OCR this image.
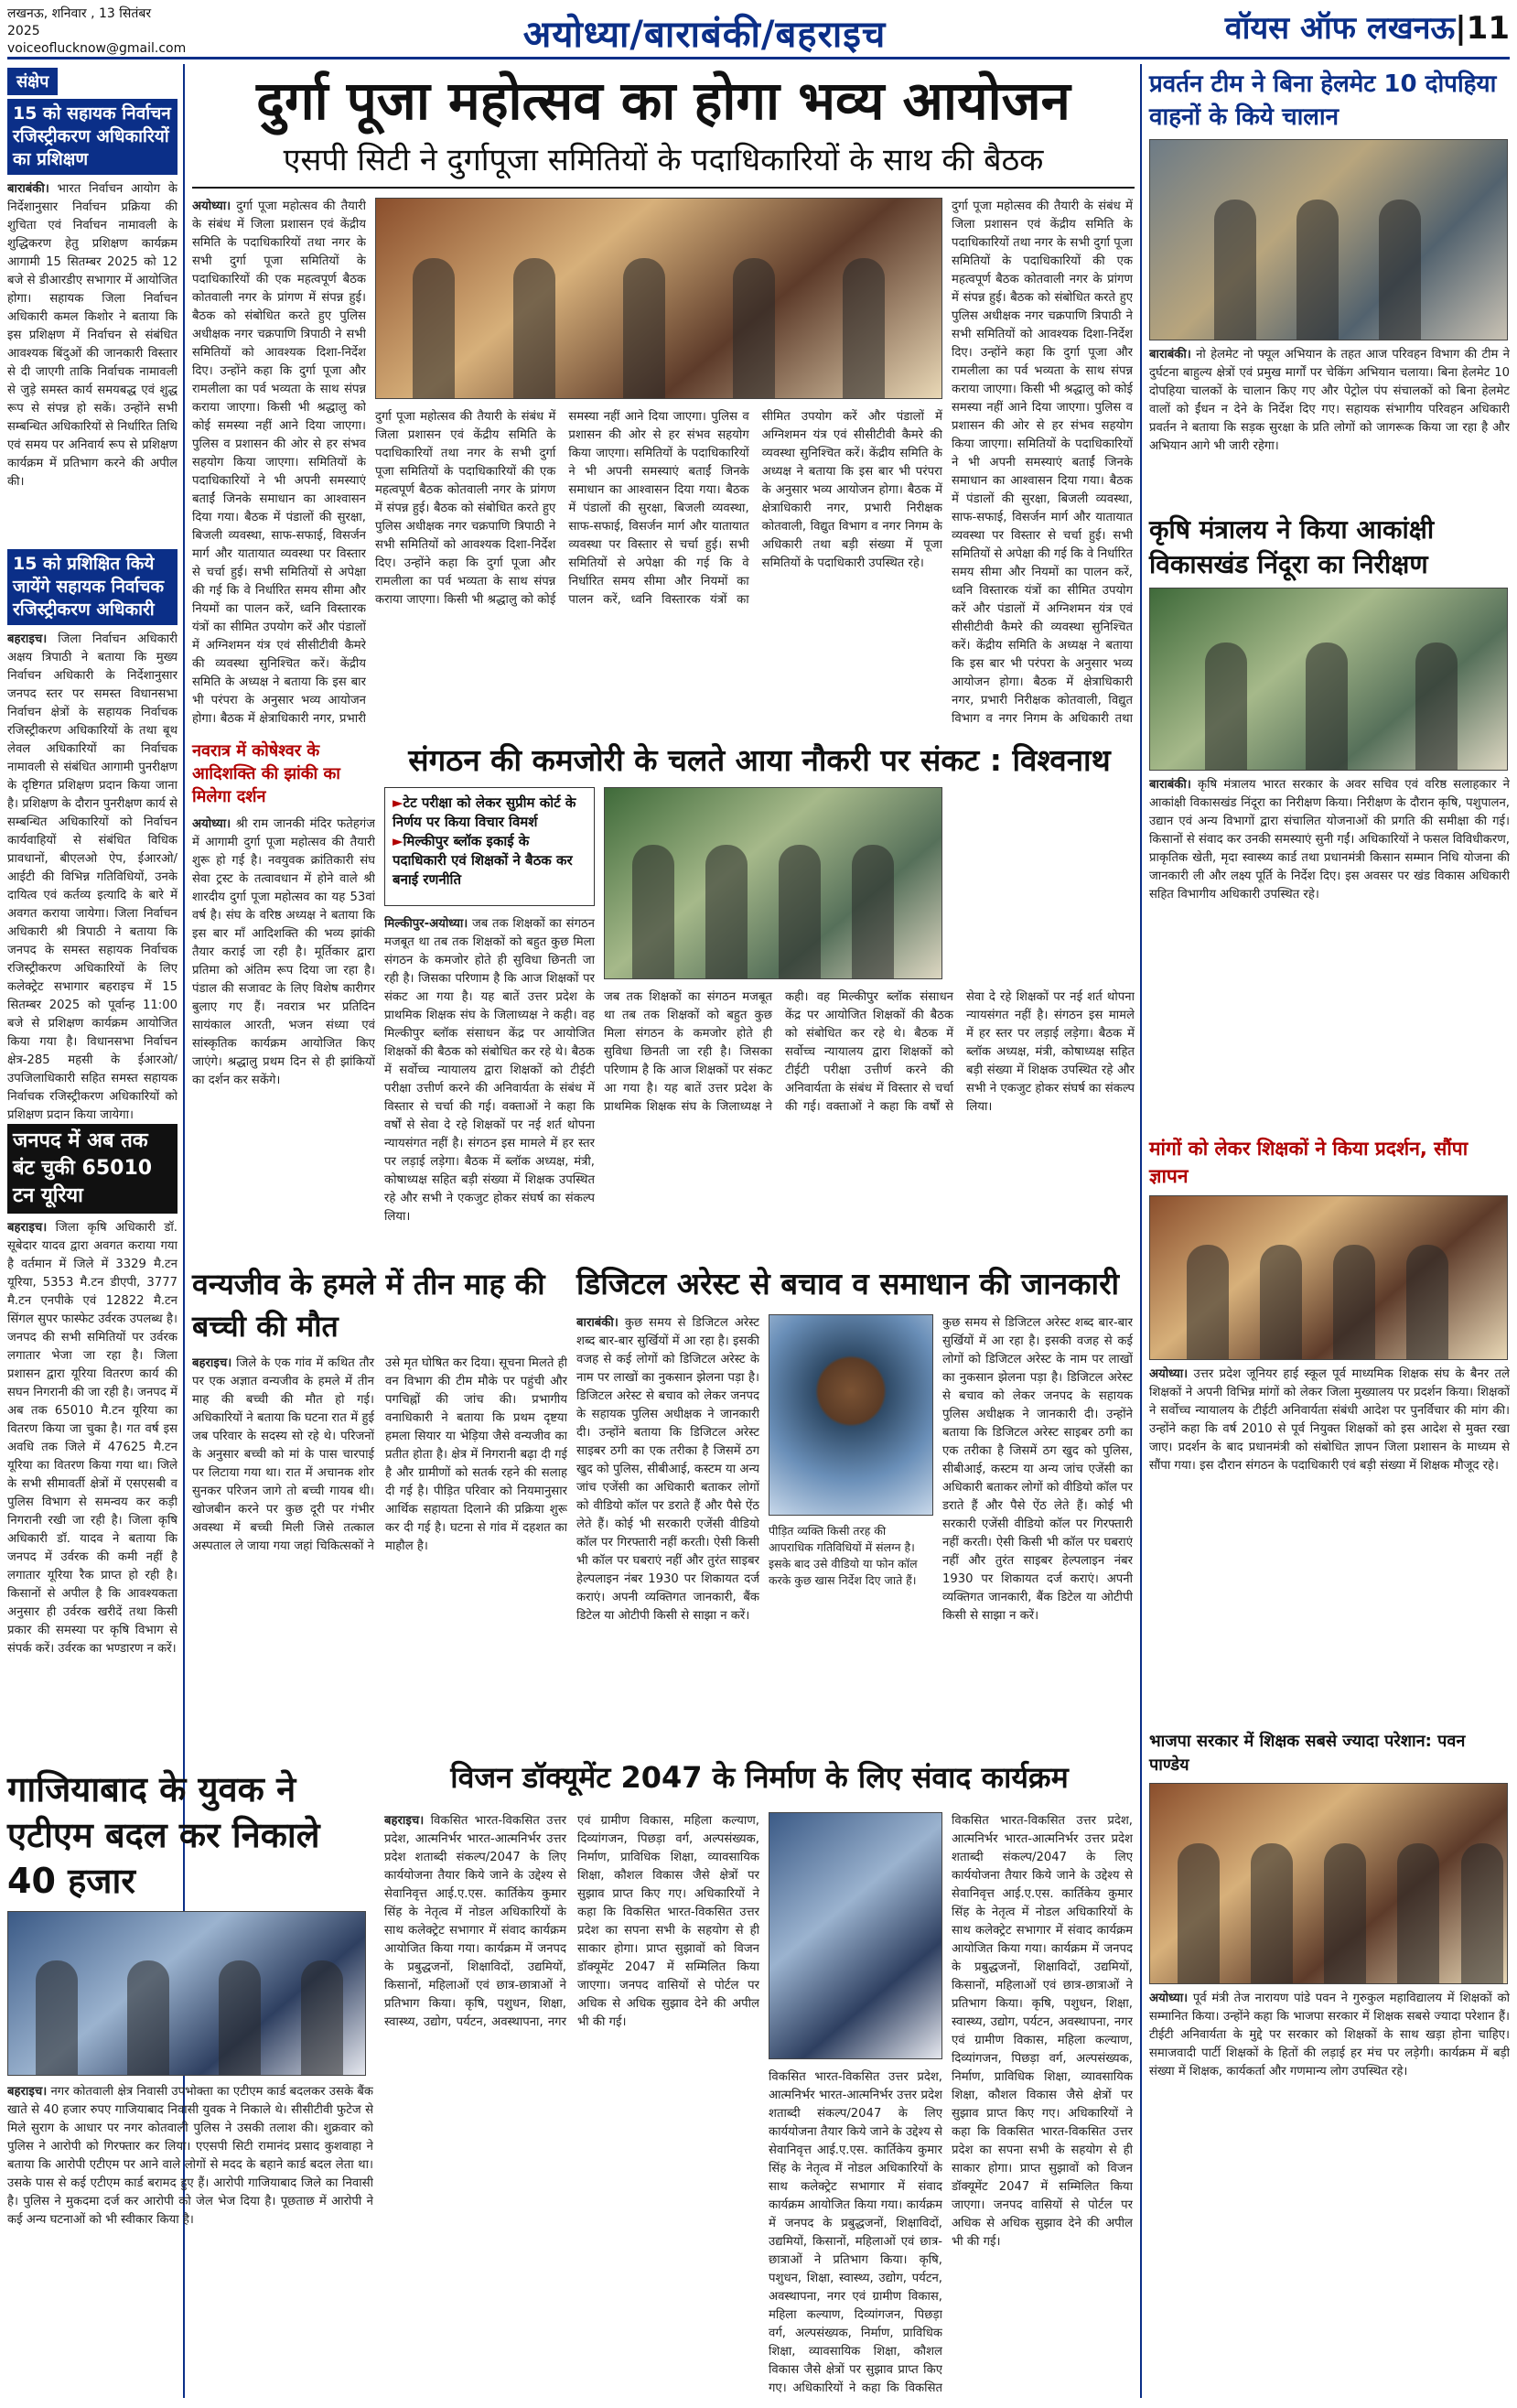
लखनऊ, शनिवार , 13 सितंबर 2025
voiceoflucknow@gmail.com	अयोध्या/बाराबंकी/बहराइच	वॉयस ऑफ लखनऊ|11
संक्षेप
15 को सहायक निर्वाचन रजिस्ट्रीकरण अधिकारियों का प्रशिक्षण
बाराबंकी। भारत निर्वाचन आयोग के निर्देशानुसार निर्वाचन प्रक्रिया की शुचिता एवं निर्वाचन नामावली के शुद्धिकरण हेतु प्रशिक्षण कार्यक्रम आगामी 15 सितम्बर 2025 को 12 बजे से डीआरडीए सभागार में आयोजित होगा। सहायक जिला निर्वाचन अधिकारी कमल किशोर ने बताया कि इस प्रशिक्षण में निर्वाचन से संबंधित आवश्यक बिंदुओं की जानकारी विस्तार से दी जाएगी ताकि निर्वाचक नामावली से जुड़े समस्त कार्य समयबद्ध एवं शुद्ध रूप से संपन्न हो सकें। उन्होंने सभी सम्बन्धित अधिकारियों से निर्धारित तिथि एवं समय पर अनिवार्य रूप से प्रशिक्षण कार्यक्रम में प्रतिभाग करने की अपील की।
15 को प्रशिक्षित किये जायेंगे सहायक निर्वाचक रजिस्ट्रीकरण अधिकारी
बहराइच। जिला निर्वाचन अधिकारी अक्षय त्रिपाठी ने बताया कि मुख्य निर्वाचन अधिकारी के निर्देशानुसार जनपद स्तर पर समस्त विधानसभा निर्वाचन क्षेत्रों के सहायक निर्वाचक रजिस्ट्रीकरण अधिकारियों के तथा बूथ लेवल अधिकारियों का निर्वाचक नामावली से संबंधित आगामी पुनरीक्षण के दृष्टिगत प्रशिक्षण प्रदान किया जाना है। प्रशिक्षण के दौरान पुनरीक्षण कार्य से सम्बन्धित अधिकारियों को निर्वाचन कार्यवाहियों से संबंधित विधिक प्रावधानों, बीएलओ ऐप, ईआरओ/आईटी की विभिन्न गतिविधियों, उनके दायित्व एवं कर्तव्य इत्यादि के बारे में अवगत कराया जायेगा। जिला निर्वाचन अधिकारी श्री त्रिपाठी ने बताया कि जनपद के समस्त सहायक निर्वाचक रजिस्ट्रीकरण अधिकारियों के लिए कलेक्ट्रेट सभागार बहराइच में 15 सितम्बर 2025 को पूर्वान्ह 11:00 बजे से प्रशिक्षण कार्यक्रम आयोजित किया गया है। विधानसभा निर्वाचन क्षेत्र-285 महसी के ईआरओ/उपजिलाधिकारी सहित समस्त सहायक निर्वाचक रजिस्ट्रीकरण अधिकारियों को प्रशिक्षण प्रदान किया जायेगा।
जनपद में अब तक बंट चुकी 65010 टन यूरिया
बहराइच। जिला कृषि अधिकारी डॉ. सूबेदार यादव द्वारा अवगत कराया गया है वर्तमान में जिले में 3329 मै.टन यूरिया, 5353 मै.टन डीएपी, 3777 मै.टन एनपीके एवं 12822 मै.टन सिंगल सुपर फास्फेट उर्वरक उपलब्ध है। जनपद की सभी समितियों पर उर्वरक लगातार भेजा जा रहा है। जिला प्रशासन द्वारा यूरिया वितरण कार्य की सघन निगरानी की जा रही है। जनपद में अब तक 65010 मै.टन यूरिया का वितरण किया जा चुका है। गत वर्ष इस अवधि तक जिले में 47625 मै.टन यूरिया का वितरण किया गया था। जिले के सभी सीमावर्ती क्षेत्रों में एसएसबी व पुलिस विभाग से समन्वय कर कड़ी निगरानी रखी जा रही है। जिला कृषि अधिकारी डॉ. यादव ने बताया कि जनपद में उर्वरक की कमी नहीं है लगातार यूरिया रैक प्राप्त हो रही है। किसानों से अपील है कि आवश्यकता अनुसार ही उर्वरक खरीदें तथा किसी प्रकार की समस्या पर कृषि विभाग से संपर्क करें। उर्वरक का भण्डारण न करें।
गाजियाबाद के युवक ने एटीएम बदल कर निकाले 40 हजार
बहराइच। नगर कोतवाली क्षेत्र निवासी उपभोक्ता का एटीएम कार्ड बदलकर उसके बैंक खाते से 40 हजार रुपए गाजियाबाद निवासी युवक ने निकाले थे। सीसीटीवी फुटेज से मिले सुराग के आधार पर नगर कोतवाली पुलिस ने उसकी तलाश की। शुक्रवार को पुलिस ने आरोपी को गिरफ्तार कर लिया। एएसपी सिटी रामानंद प्रसाद कुशवाहा ने बताया कि आरोपी एटीएम पर आने वाले लोगों से मदद के बहाने कार्ड बदल लेता था। उसके पास से कई एटीएम कार्ड बरामद हुए हैं। आरोपी गाजियाबाद जिले का निवासी है। पुलिस ने मुकदमा दर्ज कर आरोपी को जेल भेज दिया है। पूछताछ में आरोपी ने कई अन्य घटनाओं को भी स्वीकार किया है।
दुर्गा पूजा महोत्सव का होगा भव्य आयोजन
एसपी सिटी ने दुर्गापूजा समितियों के पदाधिकारियों के साथ की बैठक
अयोध्या। दुर्गा पूजा महोत्सव की तैयारी के संबंध में जिला प्रशासन एवं केंद्रीय समिति के पदाधिकारियों तथा नगर के सभी दुर्गा पूजा समितियों के पदाधिकारियों की एक महत्वपूर्ण बैठक कोतवाली नगर के प्रांगण में संपन्न हुई। बैठक को संबोधित करते हुए पुलिस अधीक्षक नगर चक्रपाणि त्रिपाठी ने सभी समितियों को आवश्यक दिशा-निर्देश दिए। उन्होंने कहा कि दुर्गा पूजा और रामलीला का पर्व भव्यता के साथ संपन्न कराया जाएगा। किसी भी श्रद्धालु को कोई समस्या नहीं आने दिया जाएगा। पुलिस व प्रशासन की ओर से हर संभव सहयोग किया जाएगा। समितियों के पदाधिकारियों ने भी अपनी समस्याएं बताईं जिनके समाधान का आश्वासन दिया गया। बैठक में पंडालों की सुरक्षा, बिजली व्यवस्था, साफ-सफाई, विसर्जन मार्ग और यातायात व्यवस्था पर विस्तार से चर्चा हुई। सभी समितियों से अपेक्षा की गई कि वे निर्धारित समय सीमा और नियमों का पालन करें, ध्वनि विस्तारक यंत्रों का सीमित उपयोग करें और पंडालों में अग्निशमन यंत्र एवं सीसीटीवी कैमरे की व्यवस्था सुनिश्चित करें। केंद्रीय समिति के अध्यक्ष ने बताया कि इस बार भी परंपरा के अनुसार भव्य आयोजन होगा। बैठक में क्षेत्राधिकारी नगर, प्रभारी
दुर्गा पूजा महोत्सव की तैयारी के संबंध में जिला प्रशासन एवं केंद्रीय समिति के पदाधिकारियों तथा नगर के सभी दुर्गा पूजा समितियों के पदाधिकारियों की एक महत्वपूर्ण बैठक कोतवाली नगर के प्रांगण में संपन्न हुई। बैठक को संबोधित करते हुए पुलिस अधीक्षक नगर चक्रपाणि त्रिपाठी ने सभी समितियों को आवश्यक दिशा-निर्देश दिए। उन्होंने कहा कि दुर्गा पूजा और रामलीला का पर्व भव्यता के साथ संपन्न कराया जाएगा। किसी भी श्रद्धालु को कोई समस्या नहीं आने दिया जाएगा। पुलिस व प्रशासन की ओर से हर संभव सहयोग किया जाएगा। समितियों के पदाधिकारियों ने भी अपनी समस्याएं बताईं जिनके समाधान का आश्वासन दिया गया। बैठक में पंडालों की सुरक्षा, बिजली व्यवस्था, साफ-सफाई, विसर्जन मार्ग और यातायात व्यवस्था पर विस्तार से चर्चा हुई। सभी समितियों से अपेक्षा की गई कि वे निर्धारित समय सीमा और नियमों का पालन करें, ध्वनि विस्तारक यंत्रों का सीमित उपयोग करें और पंडालों में अग्निशमन यंत्र एवं सीसीटीवी कैमरे की व्यवस्था सुनिश्चित करें। केंद्रीय समिति के अध्यक्ष ने बताया कि इस बार भी परंपरा के अनुसार भव्य आयोजन होगा। बैठक में क्षेत्राधिकारी नगर, प्रभारी निरीक्षक कोतवाली, विद्युत विभाग व नगर निगम के अधिकारी तथा बड़ी संख्या में पूजा समितियों के पदाधिकारी उपस्थित रहे।
दुर्गा पूजा महोत्सव की तैयारी के संबंध में जिला प्रशासन एवं केंद्रीय समिति के पदाधिकारियों तथा नगर के सभी दुर्गा पूजा समितियों के पदाधिकारियों की एक महत्वपूर्ण बैठक कोतवाली नगर के प्रांगण में संपन्न हुई। बैठक को संबोधित करते हुए पुलिस अधीक्षक नगर चक्रपाणि त्रिपाठी ने सभी समितियों को आवश्यक दिशा-निर्देश दिए। उन्होंने कहा कि दुर्गा पूजा और रामलीला का पर्व भव्यता के साथ संपन्न कराया जाएगा। किसी भी श्रद्धालु को कोई समस्या नहीं आने दिया जाएगा। पुलिस व प्रशासन की ओर से हर संभव सहयोग किया जाएगा। समितियों के पदाधिकारियों ने भी अपनी समस्याएं बताईं जिनके समाधान का आश्वासन दिया गया। बैठक में पंडालों की सुरक्षा, बिजली व्यवस्था, साफ-सफाई, विसर्जन मार्ग और यातायात व्यवस्था पर विस्तार से चर्चा हुई। सभी समितियों से अपेक्षा की गई कि वे निर्धारित समय सीमा और नियमों का पालन करें, ध्वनि विस्तारक यंत्रों का सीमित उपयोग करें और पंडालों में अग्निशमन यंत्र एवं सीसीटीवी कैमरे की व्यवस्था सुनिश्चित करें। केंद्रीय समिति के अध्यक्ष ने बताया कि इस बार भी परंपरा के अनुसार भव्य आयोजन होगा। बैठक में क्षेत्राधिकारी नगर, प्रभारी निरीक्षक कोतवाली, विद्युत विभाग व नगर निगम के अधिकारी तथा
नवरात्र में कोषेश्वर के आदिशक्ति की झांकी का मिलेगा दर्शन
अयोध्या। श्री राम जानकी मंदिर फतेहगंज में आगामी दुर्गा पूजा महोत्सव की तैयारी शुरू हो गई है। नवयुवक क्रांतिकारी संघ सेवा ट्रस्ट के तत्वावधान में होने वाले श्री शारदीय दुर्गा पूजा महोत्सव का यह 53वां वर्ष है। संघ के वरिष्ठ अध्यक्ष ने बताया कि इस बार माँ आदिशक्ति की भव्य झांकी तैयार कराई जा रही है। मूर्तिकार द्वारा प्रतिमा को अंतिम रूप दिया जा रहा है। पंडाल की सजावट के लिए विशेष कारीगर बुलाए गए हैं। नवरात्र भर प्रतिदिन सायंकाल आरती, भजन संध्या एवं सांस्कृतिक कार्यक्रम आयोजित किए जाएंगे। श्रद्धालु प्रथम दिन से ही झांकियों का दर्शन कर सकेंगे।
संगठन की कमजोरी के चलते आया नौकरी पर संकट : विश्वनाथ
► टेट परीक्षा को लेकर सुप्रीम कोर्ट के निर्णय पर किया विचार विमर्श
► मिल्कीपुर ब्लॉक इकाई के पदाधिकारी एवं शिक्षकों ने बैठक कर बनाई रणनीति
मिल्कीपुर-अयोध्या। जब तक शिक्षकों का संगठन मजबूत था तब तक शिक्षकों को बहुत कुछ मिला संगठन के कमजोर होते ही सुविधा छिनती जा रही है। जिसका परिणाम है कि आज शिक्षकों पर संकट आ गया है। यह बातें उत्तर प्रदेश के प्राथमिक शिक्षक संघ के जिलाध्यक्ष ने कही। वह मिल्कीपुर ब्लॉक संसाधन केंद्र पर आयोजित शिक्षकों की बैठक को संबोधित कर रहे थे। बैठक में सर्वोच्च न्यायालय द्वारा शिक्षकों को टीईटी परीक्षा उत्तीर्ण करने की अनिवार्यता के संबंध में विस्तार से चर्चा की गई। वक्ताओं ने कहा कि वर्षों से सेवा दे रहे शिक्षकों पर नई शर्त थोपना न्यायसंगत नहीं है। संगठन इस मामले में हर स्तर पर लड़ाई लड़ेगा। बैठक में ब्लॉक अध्यक्ष, मंत्री, कोषाध्यक्ष सहित बड़ी संख्या में शिक्षक उपस्थित रहे और सभी ने एकजुट होकर संघर्ष का संकल्प लिया।
जब तक शिक्षकों का संगठन मजबूत था तब तक शिक्षकों को बहुत कुछ मिला संगठन के कमजोर होते ही सुविधा छिनती जा रही है। जिसका परिणाम है कि आज शिक्षकों पर संकट आ गया है। यह बातें उत्तर प्रदेश के प्राथमिक शिक्षक संघ के जिलाध्यक्ष ने कही। वह मिल्कीपुर ब्लॉक संसाधन केंद्र पर आयोजित शिक्षकों की बैठक को संबोधित कर रहे थे। बैठक में सर्वोच्च न्यायालय द्वारा शिक्षकों को टीईटी परीक्षा उत्तीर्ण करने की अनिवार्यता के संबंध में विस्तार से चर्चा की गई। वक्ताओं ने कहा कि वर्षों से सेवा दे रहे शिक्षकों पर नई शर्त थोपना न्यायसंगत नहीं है। संगठन इस मामले में हर स्तर पर लड़ाई लड़ेगा। बैठक में ब्लॉक अध्यक्ष, मंत्री, कोषाध्यक्ष सहित बड़ी संख्या में शिक्षक उपस्थित रहे और सभी ने एकजुट होकर संघर्ष का संकल्प लिया।
वन्यजीव के हमले में तीन माह की बच्ची की मौत
बहराइच। जिले के एक गांव में कथित तौर पर एक अज्ञात वन्यजीव के हमले में तीन माह की बच्ची की मौत हो गई। अधिकारियों ने बताया कि घटना रात में हुई जब परिवार के सदस्य सो रहे थे। परिजनों के अनुसार बच्ची को मां के पास चारपाई पर लिटाया गया था। रात में अचानक शोर सुनकर परिजन जागे तो बच्ची गायब थी। खोजबीन करने पर कुछ दूरी पर गंभीर अवस्था में बच्ची मिली जिसे तत्काल अस्पताल ले जाया गया जहां चिकित्सकों ने उसे मृत घोषित कर दिया। सूचना मिलते ही वन विभाग की टीम मौके पर पहुंची और पगचिह्नों की जांच की। प्रभागीय वनाधिकारी ने बताया कि प्रथम दृष्टया हमला सियार या भेड़िया जैसे वन्यजीव का प्रतीत होता है। क्षेत्र में निगरानी बढ़ा दी गई है और ग्रामीणों को सतर्क रहने की सलाह दी गई है। पीड़ित परिवार को नियमानुसार आर्थिक सहायता दिलाने की प्रक्रिया शुरू कर दी गई है। घटना से गांव में दहशत का माहौल है।
डिजिटल अरेस्ट से बचाव व समाधान की जानकारी
बाराबंकी। कुछ समय से डिजिटल अरेस्ट शब्द बार-बार सुर्खियों में आ रहा है। इसकी वजह से कई लोगों को डिजिटल अरेस्ट के नाम पर लाखों का नुकसान झेलना पड़ा है। डिजिटल अरेस्ट से बचाव को लेकर जनपद के सहायक पुलिस अधीक्षक ने जानकारी दी। उन्होंने बताया कि डिजिटल अरेस्ट साइबर ठगी का एक तरीका है जिसमें ठग खुद को पुलिस, सीबीआई, कस्टम या अन्य जांच एजेंसी का अधिकारी बताकर लोगों को वीडियो कॉल पर डराते हैं और पैसे ऐंठ लेते हैं। कोई भी सरकारी एजेंसी वीडियो कॉल पर गिरफ्तारी नहीं करती। ऐसी किसी भी कॉल पर घबराएं नहीं और तुरंत साइबर हेल्पलाइन नंबर 1930 पर शिकायत दर्ज कराएं। अपनी व्यक्तिगत जानकारी, बैंक डिटेल या ओटीपी किसी से साझा न करें।
पीड़ित व्यक्ति किसी तरह की आपराधिक गतिविधियों में संलग्न है। इसके बाद उसे वीडियो या फोन कॉल करके कुछ खास निर्देश दिए जाते हैं।
कुछ समय से डिजिटल अरेस्ट शब्द बार-बार सुर्खियों में आ रहा है। इसकी वजह से कई लोगों को डिजिटल अरेस्ट के नाम पर लाखों का नुकसान झेलना पड़ा है। डिजिटल अरेस्ट से बचाव को लेकर जनपद के सहायक पुलिस अधीक्षक ने जानकारी दी। उन्होंने बताया कि डिजिटल अरेस्ट साइबर ठगी का एक तरीका है जिसमें ठग खुद को पुलिस, सीबीआई, कस्टम या अन्य जांच एजेंसी का अधिकारी बताकर लोगों को वीडियो कॉल पर डराते हैं और पैसे ऐंठ लेते हैं। कोई भी सरकारी एजेंसी वीडियो कॉल पर गिरफ्तारी नहीं करती। ऐसी किसी भी कॉल पर घबराएं नहीं और तुरंत साइबर हेल्पलाइन नंबर 1930 पर शिकायत दर्ज कराएं। अपनी व्यक्तिगत जानकारी, बैंक डिटेल या ओटीपी किसी से साझा न करें।
विजन डॉक्यूमेंट 2047 के निर्माण के लिए संवाद कार्यक्रम
बहराइच। विकसित भारत-विकसित उत्तर प्रदेश, आत्मनिर्भर भारत-आत्मनिर्भर उत्तर प्रदेश शताब्दी संकल्प/2047 के लिए कार्ययोजना तैयार किये जाने के उद्देश्य से सेवानिवृत्त आई.ए.एस. कार्तिकेय कुमार सिंह के नेतृत्व में नोडल अधिकारियों के साथ कलेक्ट्रेट सभागार में संवाद कार्यक्रम आयोजित किया गया। कार्यक्रम में जनपद के प्रबुद्धजनों, शिक्षाविदों, उद्यमियों, किसानों, महिलाओं एवं छात्र-छात्राओं ने प्रतिभाग किया। कृषि, पशुधन, शिक्षा, स्वास्थ्य, उद्योग, पर्यटन, अवस्थापना, नगर एवं ग्रामीण विकास, महिला कल्याण, दिव्यांगजन, पिछड़ा वर्ग, अल्पसंख्यक, निर्माण, प्राविधिक शिक्षा, व्यावसायिक शिक्षा, कौशल विकास जैसे क्षेत्रों पर सुझाव प्राप्त किए गए। अधिकारियों ने कहा कि विकसित भारत-विकसित उत्तर प्रदेश का सपना सभी के सहयोग से ही साकार होगा। प्राप्त सुझावों को विजन डॉक्यूमेंट 2047 में सम्मिलित किया जाएगा। जनपद वासियों से पोर्टल पर अधिक से अधिक सुझाव देने की अपील भी की गई।
विकसित भारत-विकसित उत्तर प्रदेश, आत्मनिर्भर भारत-आत्मनिर्भर उत्तर प्रदेश शताब्दी संकल्प/2047 के लिए कार्ययोजना तैयार किये जाने के उद्देश्य से सेवानिवृत्त आई.ए.एस. कार्तिकेय कुमार सिंह के नेतृत्व में नोडल अधिकारियों के साथ कलेक्ट्रेट सभागार में संवाद कार्यक्रम आयोजित किया गया। कार्यक्रम में जनपद के प्रबुद्धजनों, शिक्षाविदों, उद्यमियों, किसानों, महिलाओं एवं छात्र-छात्राओं ने प्रतिभाग किया। कृषि, पशुधन, शिक्षा, स्वास्थ्य, उद्योग, पर्यटन, अवस्थापना, नगर एवं ग्रामीण विकास, महिला कल्याण, दिव्यांगजन, पिछड़ा वर्ग, अल्पसंख्यक, निर्माण, प्राविधिक शिक्षा, व्यावसायिक शिक्षा, कौशल विकास जैसे क्षेत्रों पर सुझाव प्राप्त किए गए। अधिकारियों ने कहा कि विकसित
विकसित भारत-विकसित उत्तर प्रदेश, आत्मनिर्भर भारत-आत्मनिर्भर उत्तर प्रदेश शताब्दी संकल्प/2047 के लिए कार्ययोजना तैयार किये जाने के उद्देश्य से सेवानिवृत्त आई.ए.एस. कार्तिकेय कुमार सिंह के नेतृत्व में नोडल अधिकारियों के साथ कलेक्ट्रेट सभागार में संवाद कार्यक्रम आयोजित किया गया। कार्यक्रम में जनपद के प्रबुद्धजनों, शिक्षाविदों, उद्यमियों, किसानों, महिलाओं एवं छात्र-छात्राओं ने प्रतिभाग किया। कृषि, पशुधन, शिक्षा, स्वास्थ्य, उद्योग, पर्यटन, अवस्थापना, नगर एवं ग्रामीण विकास, महिला कल्याण, दिव्यांगजन, पिछड़ा वर्ग, अल्पसंख्यक, निर्माण, प्राविधिक शिक्षा, व्यावसायिक शिक्षा, कौशल विकास जैसे क्षेत्रों पर सुझाव प्राप्त किए गए। अधिकारियों ने कहा कि विकसित भारत-विकसित उत्तर प्रदेश का सपना सभी के सहयोग से ही साकार होगा। प्राप्त सुझावों को विजन डॉक्यूमेंट 2047 में सम्मिलित किया जाएगा। जनपद वासियों से पोर्टल पर अधिक से अधिक सुझाव देने की अपील भी की गई।
प्रवर्तन टीम ने बिना हेलमेट 10 दोपहिया वाहनों के किये चालान
बाराबंकी। नो हेलमेट नो फ्यूल अभियान के तहत आज परिवहन विभाग की टीम ने दुर्घटना बाहुल्य क्षेत्रों एवं प्रमुख मार्गों पर चेकिंग अभियान चलाया। बिना हेलमेट 10 दोपहिया चालकों के चालान किए गए और पेट्रोल पंप संचालकों को बिना हेलमेट वालों को ईंधन न देने के निर्देश दिए गए। सहायक संभागीय परिवहन अधिकारी प्रवर्तन ने बताया कि सड़क सुरक्षा के प्रति लोगों को जागरूक किया जा रहा है और अभियान आगे भी जारी रहेगा।
कृषि मंत्रालय ने किया आकांक्षी विकासखंड निंदूरा का निरीक्षण
बाराबंकी। कृषि मंत्रालय भारत सरकार के अवर सचिव एवं वरिष्ठ सलाहकार ने आकांक्षी विकासखंड निंदूरा का निरीक्षण किया। निरीक्षण के दौरान कृषि, पशुपालन, उद्यान एवं अन्य विभागों द्वारा संचालित योजनाओं की प्रगति की समीक्षा की गई। किसानों से संवाद कर उनकी समस्याएं सुनी गईं। अधिकारियों ने फसल विविधीकरण, प्राकृतिक खेती, मृदा स्वास्थ्य कार्ड तथा प्रधानमंत्री किसान सम्मान निधि योजना की जानकारी ली और लक्ष्य पूर्ति के निर्देश दिए। इस अवसर पर खंड विकास अधिकारी सहित विभागीय अधिकारी उपस्थित रहे।
मांगों को लेकर शिक्षकों ने किया प्रदर्शन, सौंपा ज्ञापन
अयोध्या। उत्तर प्रदेश जूनियर हाई स्कूल पूर्व माध्यमिक शिक्षक संघ के बैनर तले शिक्षकों ने अपनी विभिन्न मांगों को लेकर जिला मुख्यालय पर प्रदर्शन किया। शिक्षकों ने सर्वोच्च न्यायालय के टीईटी अनिवार्यता संबंधी आदेश पर पुनर्विचार की मांग की। उन्होंने कहा कि वर्ष 2010 से पूर्व नियुक्त शिक्षकों को इस आदेश से मुक्त रखा जाए। प्रदर्शन के बाद प्रधानमंत्री को संबोधित ज्ञापन जिला प्रशासन के माध्यम से सौंपा गया। इस दौरान संगठन के पदाधिकारी एवं बड़ी संख्या में शिक्षक मौजूद रहे।
भाजपा सरकार में शिक्षक सबसे ज्यादा परेशान: पवन पाण्डेय
अयोध्या। पूर्व मंत्री तेज नारायण पांडे पवन ने गुरुकुल महाविद्यालय में शिक्षकों को सम्मानित किया। उन्होंने कहा कि भाजपा सरकार में शिक्षक सबसे ज्यादा परेशान हैं। टीईटी अनिवार्यता के मुद्दे पर सरकार को शिक्षकों के साथ खड़ा होना चाहिए। समाजवादी पार्टी शिक्षकों के हितों की लड़ाई हर मंच पर लड़ेगी। कार्यक्रम में बड़ी संख्या में शिक्षक, कार्यकर्ता और गणमान्य लोग उपस्थित रहे।
